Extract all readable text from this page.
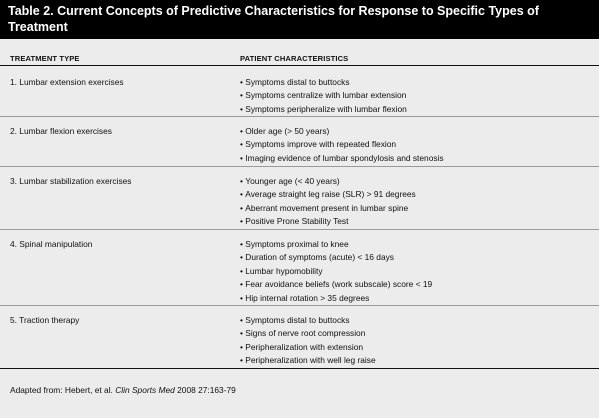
Table 2. Current Concepts of Predictive Characteristics for Response to Specific Types of Treatment
TREATMENT TYPE	PATIENT CHARACTERISTICS
1. Lumbar extension exercises	• Symptoms distal to buttocks
• Symptoms centralize with lumbar extension
• Symptoms peripheralize with lumbar flexion
2. Lumbar flexion exercises	• Older age (> 50 years)
• Symptoms improve with repeated flexion
• Imaging evidence of lumbar spondylosis and stenosis
3. Lumbar stabilization exercises	• Younger age (< 40 years)
• Average straight leg raise (SLR) > 91 degrees
• Aberrant movement present in lumbar spine
• Positive Prone Stability Test
4. Spinal manipulation	• Symptoms proximal to knee
• Duration of symptoms (acute) < 16 days
• Lumbar hypomobility
• Fear avoidance beliefs (work subscale) score < 19
• Hip internal rotation > 35 degrees
5. Traction therapy	• Symptoms distal to buttocks
• Signs of nerve root compression
• Peripheralization with extension
• Peripheralization with well leg raise
Adapted from: Hebert, et al. Clin Sports Med 2008 27:163-79
